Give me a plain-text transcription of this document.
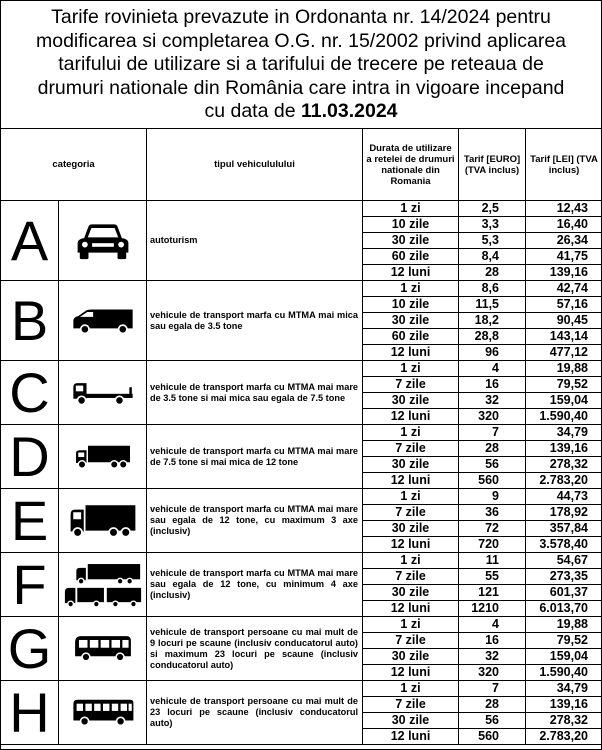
Tarife rovinieta prevazute in Ordonanta nr. 14/2024 pentru
modificarea si completarea O.G. nr. 15/2002 privind aplicarea
tarifului de utilizare si a tarifului de trecere pe reteaua de
drumuri nationale din România care intra in vigoare incepand
cu data de 11.03.2024
categoria		tipul vehicululului	Durata de utilizare a retelei de drumuri nationale din Romania	Tarif [EURO] (TVA inclus)	Tarif [LEI] (TVA inclus)
A		autoturism	1 zi	2,5	12,43
			10 zile	3,3	16,40
			30 zile	5,3	26,34
			60 zile	8,4	41,75
			12 luni	28	139,16
B		vehicule de transport marfa cu MTMA mai mica sau egala de 3.5 tone	1 zi	8,6	42,74
			10 zile	11,5	57,16
			30 zile	18,2	90,45
			60 zile	28,8	143,14
			12 luni	96	477,12
C		vehicule de transport marfa cu MTMA mai mare de 3.5 tone si mai mica sau egala de 7.5 tone	1 zi	4	19,88
			7 zile	16	79,52
			30 zile	32	159,04
			12 luni	320	1.590,40
D		vehicule de transport marfa cu MTMA mai mare de 7.5 tone si mai mica de 12 tone	1 zi	7	34,79
			7 zile	28	139,16
			30 zile	56	278,32
			12 luni	560	2.783,20
E		vehicule de transport marfa cu MTMA mai mare sau egala de 12 tone, cu maximum 3 axe (inclusiv)	1 zi	9	44,73
			7 zile	36	178,92
			30 zile	72	357,84
			12 luni	720	3.578,40
F		vehicule de transport marfa cu MTMA mai mare sau egala de 12 tone, cu minimum 4 axe (inclusiv)	1 zi	11	54,67
			7 zile	55	273,35
			30 zile	121	601,37
			12 luni	1210	6.013,70
G		vehicule de transport persoane cu mai mult de 9 locuri pe scaune (inclusiv conducatorul auto) si maximum 23 locuri pe scaune (inclusiv conducatorul auto)	1 zi	4	19,88
			7 zile	16	79,52
			30 zile	32	159,04
			12 luni	320	1.590,40
H		vehicule de transport persoane cu mai mult de 23 locuri pe scaune (inclusiv conducatorul auto)	1 zi	7	34,79
			7 zile	28	139,16
			30 zile	56	278,32
			12 luni	560	2.783,20
